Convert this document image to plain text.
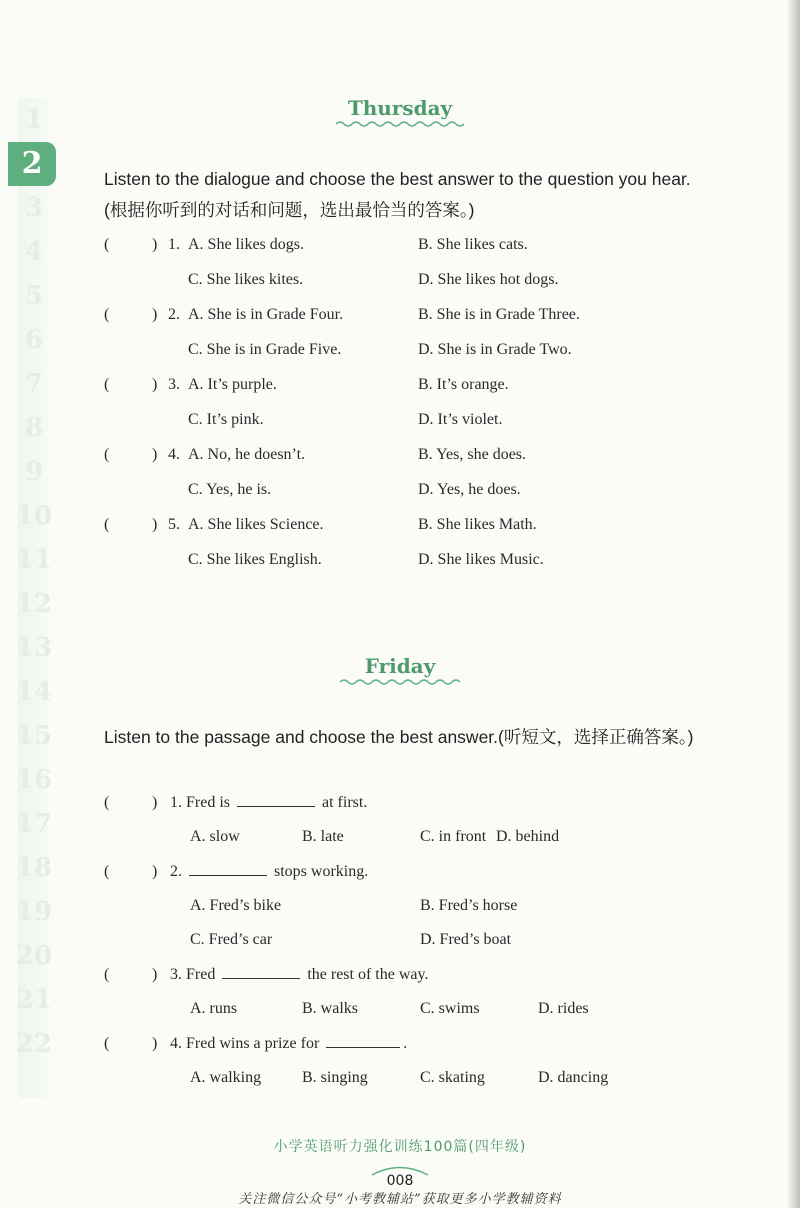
1
2
3
4
5
6
7
8
9
10
11
12
13
14
15
16
17
18
19
20
21
22
Thursday
Listen to the dialogue and choose the best answer to the question you hear. (根据你听到的对话和问题，选出最恰当的答案。)
(	) 1. A. She likes dogs.	B. She likes cats.
C. She likes kites.	D. She likes hot dogs.
(	) 2. A. She is in Grade Four.	B. She is in Grade Three.
C. She is in Grade Five.	D. She is in Grade Two.
(	) 3. A. It’s purple.	B. It’s orange.
C. It’s pink.	D. It’s violet.
(	) 4. A. No, he doesn’t.	B. Yes, she does.
C. Yes, he is.	D. Yes, he does.
(	) 5. A. She likes Science.	B. She likes Math.
C. She likes English.	D. She likes Music.
Friday
Listen to the passage and choose the best answer.(听短文，选择正确答案。)
(	) 1. Fred is	at first.
A. slow	B. late	C. in front D. behind
(	) 2.	stops working.
A. Fred’s bike	B. Fred’s horse
C. Fred’s car	D. Fred’s boat
(	) 3. Fred	the rest of the way.
A. runs	B. walks	C. swims	D. rides
(	) 4. Fred wins a prize for	.
A. walking	B. singing	C. skating	D. dancing
小学英语听力强化训练100篇(四年级)
008
关注微信公众号“小考教辅站”获取更多小学教辅资料
